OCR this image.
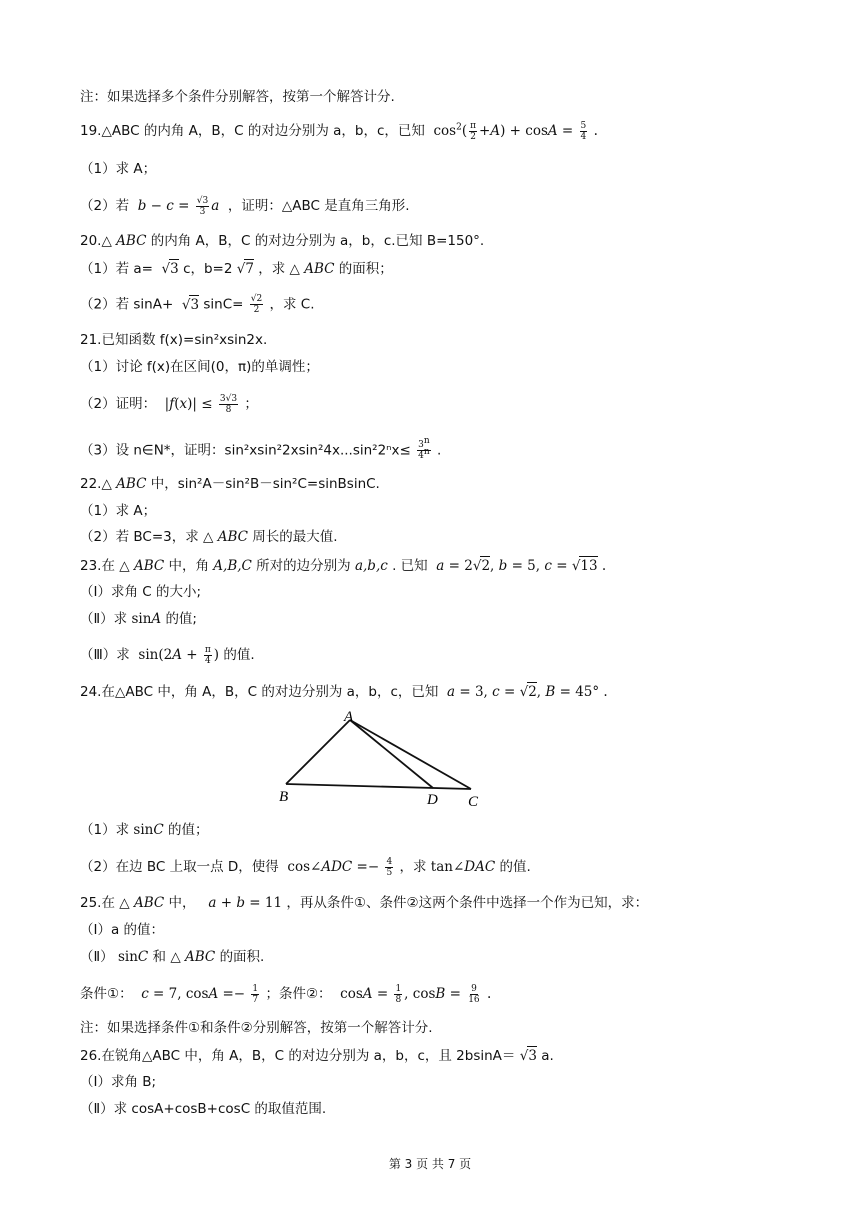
注：如果选择多个条件分别解答，按第一个解答计分.
19.△ABC 的内角 A，B，C 的对边分别为 a，b，c，已知  $\cos^2( \frac{\pi}{2} +A) + \cos A = \frac{5}{4}$ .
（1）求 A；
（2）若 $b - c = \frac{√3}{3}$ a ，证明：△ABC 是直角三角形.
20.△ ABC 的内角 A，B，C 的对边分别为 a，b，c.已知 B=150°.
（1）若 a=  √3 c，b=2 √7 ，求 △ ABC 的面积；
（2）若 sinA+  √3 $\sin C= \frac{√2}{2}$ ，求 C.
21.已知函数 f(x)=sin²xsin2x.
（1）讨论 f(x)在区间(0，π)的单调性；
（2）证明：  $|f(x)| \le \frac{3√3}{8}$ ；
（3）设 n∈N*，证明：$\sin^2xsin^22xsin^24x...\sin^22^nx\le \frac{3^n}{4^n}$ .
22.△ ABC 中，sin²A－sin²B－sin²C=sinBsinC.
（1）求 A；
（2）若 BC=3，求 △ ABC 周长的最大值.
23.在 △ ABC 中，角 A,B,C 所对的边分别为 a,b,c . 已知 a = 2√2, b = 5, c = √13 .
（Ⅰ）求角 C 的大小;
（Ⅱ）求 sinA 的值;
（Ⅲ）求  $\sin(2A + \frac{\pi}{4}$ ) 的值.
24.在△ABC 中，角 A，B，C 的对边分别为 a，b，c，已知 a = 3, c = √2, B = 45° .
A
B	D C
（1）求 sinC 的值；
（2）在边 BC 上取一点 D，使得  cos∠ADC =− $\frac{4}{5}$ ，求 tan∠DAC 的值.
25.在 △ ABC 中， a + b = 11 ，再从条件①、条件②这两个条件中选择一个作为已知，求：
（Ⅰ）a 的值：
（Ⅱ） sinC 和 △ ABC 的面积.
条件①： c = 7, $\cos A =- \frac{1}{7}$ ；条件②：  $\cos A = \frac{1}{8}$ , $\cos B = \frac{9}{16}$ .
注：如果选择条件①和条件②分别解答，按第一个解答计分.
26.在锐角△ABC 中，角 A，B，C 的对边分别为 a，b，c，且 2bsinA＝ √3 a.
（Ⅰ）求角 B;
（Ⅱ）求 cosA+cosB+cosC 的取值范围.
第 3 页 共 7 页
